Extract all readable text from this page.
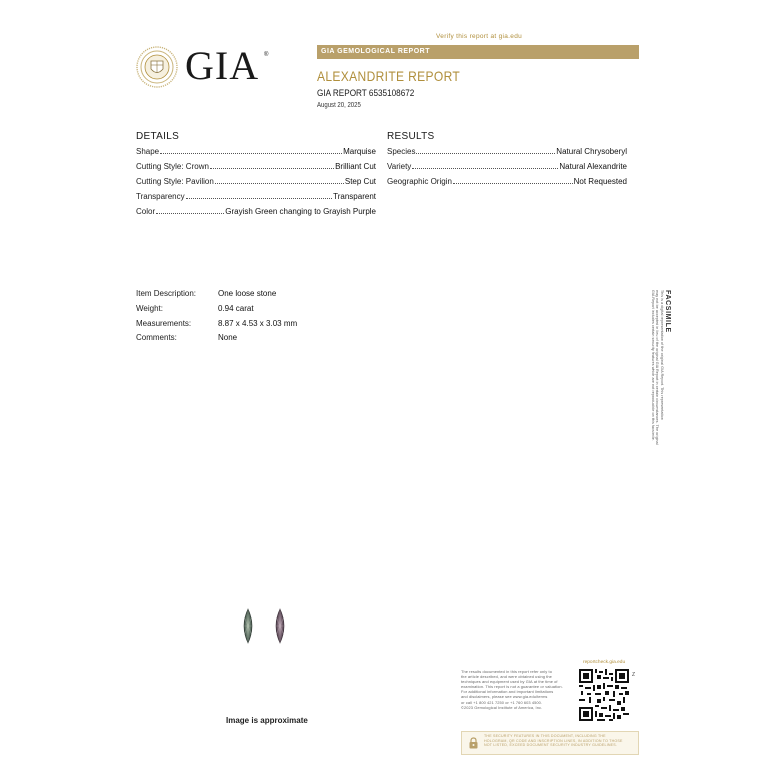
Verify this report at gia.edu
GIA ®
GIA GEMOLOGICAL REPORT
ALEXANDRITE REPORT
GIA REPORT 6535108672
August 20, 2025
DETAILS
Shape	Marquise
Cutting Style: Crown	Brilliant Cut
Cutting Style: Pavilion	Step Cut
Transparency	Transparent
Color	Grayish Green changing to Grayish Purple
RESULTS
Species	Natural Chrysoberyl
Variety	Natural Alexandrite
Geographic Origin	Not Requested
Item Description:	One loose stone
Weight:	0.94 carat
Measurements:	8.87 x 4.53 x 3.03 mm
Comments:	None
FACSIMILE
This is a digital representation of the original GIA Report. This representation
may not be accepted in lieu of the original GIA Report in certain circumstances. The original
GIA Report includes certain security features which are not reproducible on this facsimile.
Image is approximate
The results documented in this report refer only to
the article described, and were obtained using the
techniques and equipment used by GIA at the time of
examination. This report is not a guarantee or valuation.
For additional information and important limitations
and disclaimers, please see www.gia.edu/terms
or call +1 800 421 7250 or +1 760 603 4500.
©2023 Gemological Institute of America, Inc.
reportcheck.gia.edu
Z
THE SECURITY FEATURES IN THIS DOCUMENT, INCLUDING THE
HOLOGRAM, QR CODE AND INSCRIPTION LINES, IN ADDITION TO THOSE
NOT LISTED, EXCEED DOCUMENT SECURITY INDUSTRY GUIDELINES.
